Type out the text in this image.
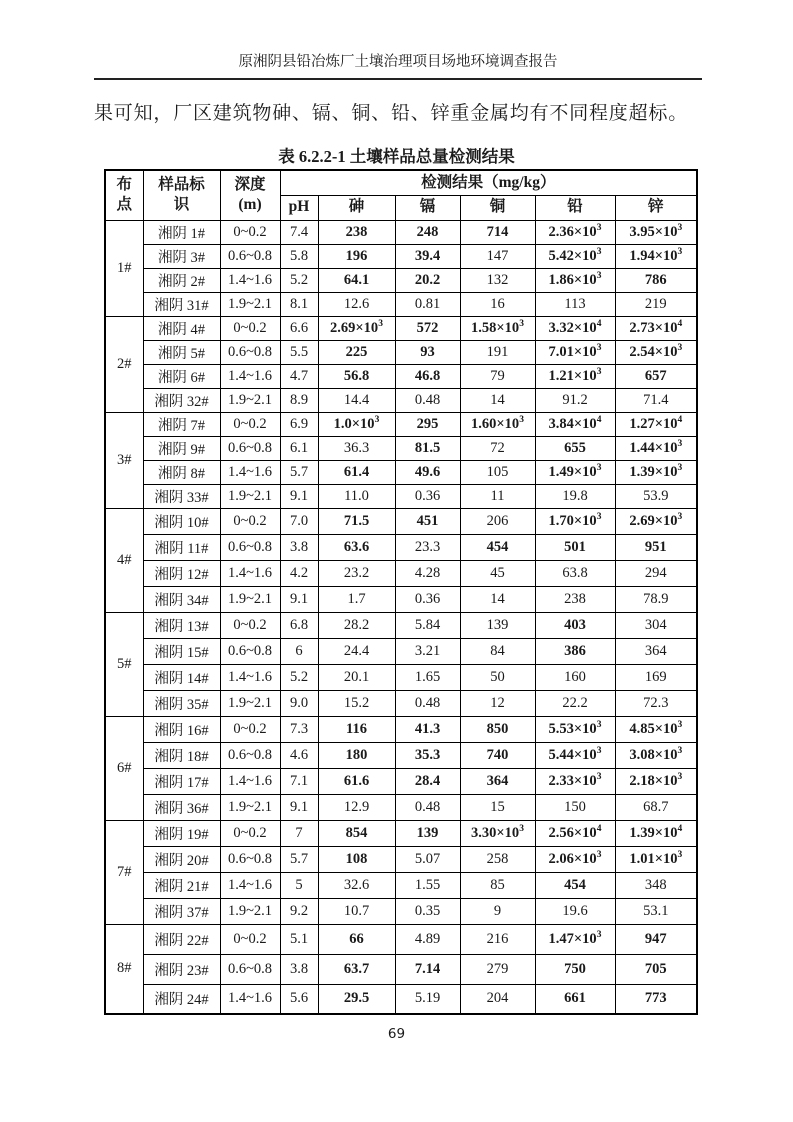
原湘阴县铅冶炼厂土壤治理项目场地环境调查报告
果可知，厂区建筑物砷、镉、铜、铅、锌重金属均有不同程度超标。
表 6.2.2-1 土壤样品总量检测结果
布点	样品标识	深度
(m)	检测结果（mg/kg）					
			pH	砷	镉	铜	铅	锌
1#	湘阴 1#	0~0.2	7.4	238	248	714	$2.36\times 10^3$	$3.95\times 10^3$
	湘阴 3#	0.6~0.8	5.8	196	39.4	147	$5.42\times 10^3$	$1.94\times 10^3$
	湘阴 2#	1.4~1.6	5.2	64.1	20.2	132	$1.86\times 10^3$	786
	湘阴 31#	1.9~2.1	8.1	12.6	0.81	16	113	219
2#	湘阴 4#	0~0.2	6.6	$2.69\times 10^3$	572	$1.58\times 10^3$	$3.32\times 10^4$	$2.73\times 10^4$
	湘阴 5#	0.6~0.8	5.5	225	93	191	$7.01\times 10^3$	$2.54\times 10^3$
	湘阴 6#	1.4~1.6	4.7	56.8	46.8	79	$1.21\times 10^3$	657
	湘阴 32#	1.9~2.1	8.9	14.4	0.48	14	91.2	71.4
3#	湘阴 7#	0~0.2	6.9	$1.0\times 10^3$	295	$1.60\times 10^3$	$3.84\times 10^4$	$1.27\times 10^4$
	湘阴 9#	0.6~0.8	6.1	36.3	81.5	72	655	$1.44\times 10^3$
	湘阴 8#	1.4~1.6	5.7	61.4	49.6	105	$1.49\times 10^3$	$1.39\times 10^3$
	湘阴 33#	1.9~2.1	9.1	11.0	0.36	11	19.8	53.9
4#	湘阴 10#	0~0.2	7.0	71.5	451	206	$1.70\times 10^3$	$2.69\times 10^3$
	湘阴 11#	0.6~0.8	3.8	63.6	23.3	454	501	951
	湘阴 12#	1.4~1.6	4.2	23.2	4.28	45	63.8	294
	湘阴 34#	1.9~2.1	9.1	1.7	0.36	14	238	78.9
5#	湘阴 13#	0~0.2	6.8	28.2	5.84	139	403	304
	湘阴 15#	0.6~0.8	6	24.4	3.21	84	386	364
	湘阴 14#	1.4~1.6	5.2	20.1	1.65	50	160	169
	湘阴 35#	1.9~2.1	9.0	15.2	0.48	12	22.2	72.3
6#	湘阴 16#	0~0.2	7.3	116	41.3	850	$5.53\times 10^3$	$4.85\times 10^3$
	湘阴 18#	0.6~0.8	4.6	180	35.3	740	$5.44\times 10^3$	$3.08\times 10^3$
	湘阴 17#	1.4~1.6	7.1	61.6	28.4	364	$2.33\times 10^3$	$2.18\times 10^3$
	湘阴 36#	1.9~2.1	9.1	12.9	0.48	15	150	68.7
7#	湘阴 19#	0~0.2	7	854	139	$3.30\times 10^3$	$2.56\times 10^4$	$1.39\times 10^4$
	湘阴 20#	0.6~0.8	5.7	108	5.07	258	$2.06\times 10^3$	$1.01\times 10^3$
	湘阴 21#	1.4~1.6	5	32.6	1.55	85	454	348
	湘阴 37#	1.9~2.1	9.2	10.7	0.35	9	19.6	53.1
8#	湘阴 22#	0~0.2	5.1	66	4.89	216	$1.47\times 10^3$	947
	湘阴 23#	0.6~0.8	3.8	63.7	7.14	279	750	705
	湘阴 24#	1.4~1.6	5.6	29.5	5.19	204	661	773
69
